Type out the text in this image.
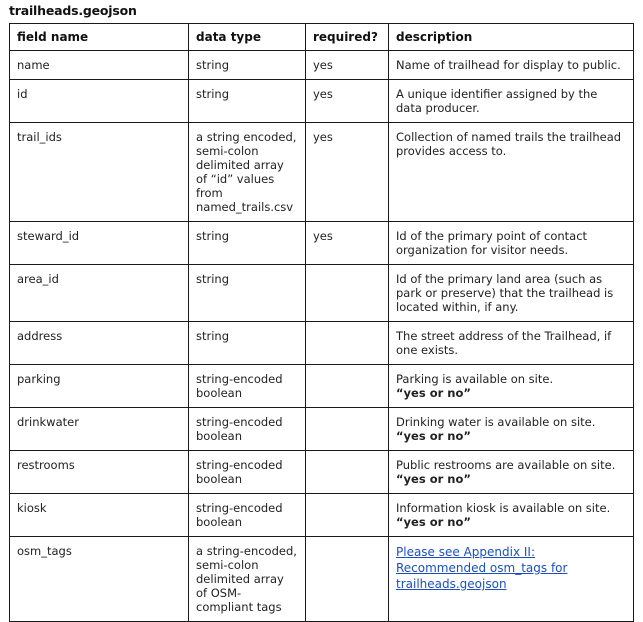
trailheads.geojson
field name	data type	required?	description
name	string	yes	Name of trailhead for display to public.
id	string	yes	A unique identifier assigned by the data producer.
trail_ids	a string encoded, semi-colon delimited array of “id” values from named_trails.csv	yes	Collection of named trails the trailhead provides access to.
steward_id	string	yes	Id of the primary point of contact organization for visitor needs.
area_id	string		Id of the primary land area (such as park or preserve) that the trailhead is located within, if any.
address	string		The street address of the Trailhead, if one exists.
parking	string-encoded boolean		Parking is available on site.
“yes or no”

drinkwater	string-encoded boolean		Drinking water is available on site.
“yes or no”

restrooms	string-encoded boolean		Public restrooms are available on site.
“yes or no”

kiosk	string-encoded boolean		Information kiosk is available on site.
“yes or no”

osm_tags	a string-encoded, semi-colon delimited array of OSM-compliant tags		Please see Appendix II: Recommended osm_tags for trailheads.geojson
